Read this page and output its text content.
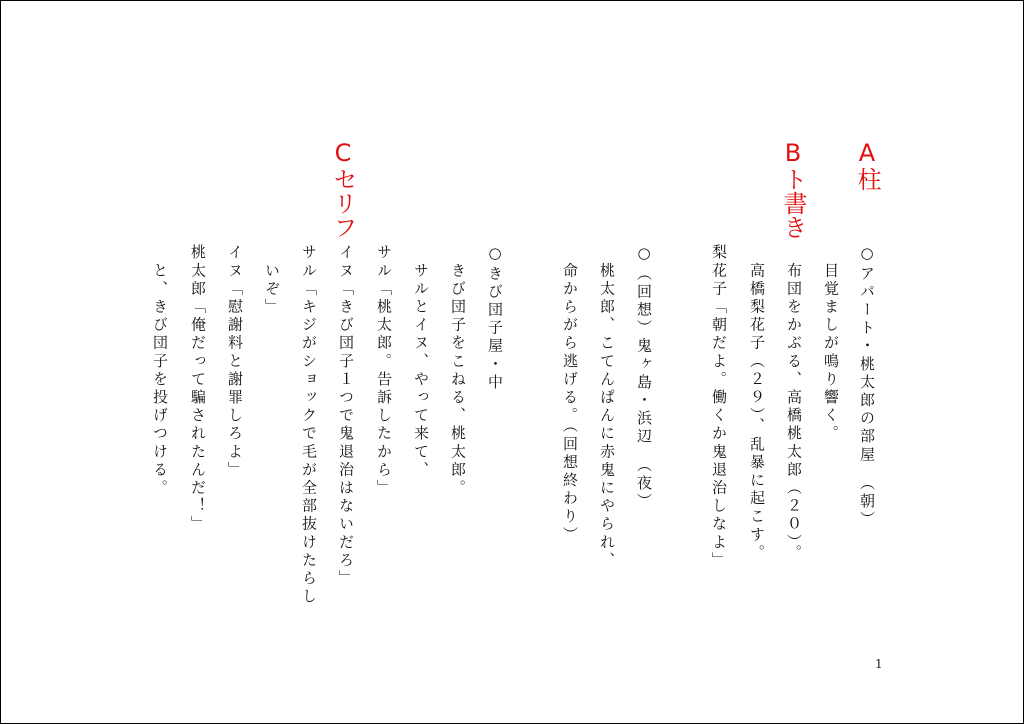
A柱
Bト書き
Cセリフ
○アパート・桃太郎の部屋　（朝）
　目覚ましが鳴り響く。
　布団をかぶる、高橋桃太郎（２０）。
　高橋梨花子（２９）、乱暴に起こす。
梨花子「朝だよ。働くか鬼退治しなよ」
○（回想）鬼ヶ島・浜辺　（夜）
　桃太郎、こてんぱんに赤鬼にやられ、
　命からがら逃げる。（回想終わり）
○きび団子屋・中
　きび団子をこねる、桃太郎。
　サルとイヌ、やって来て、
サル「桃太郎。告訴したから」
イヌ「きび団子１つで鬼退治はないだろ」
サル「キジがショックで毛が全部抜けたらし
　いぞ」
イヌ「慰謝料と謝罪しろよ」
桃太郎「俺だって騙されたんだ！」
　と、きび団子を投げつける。
1
